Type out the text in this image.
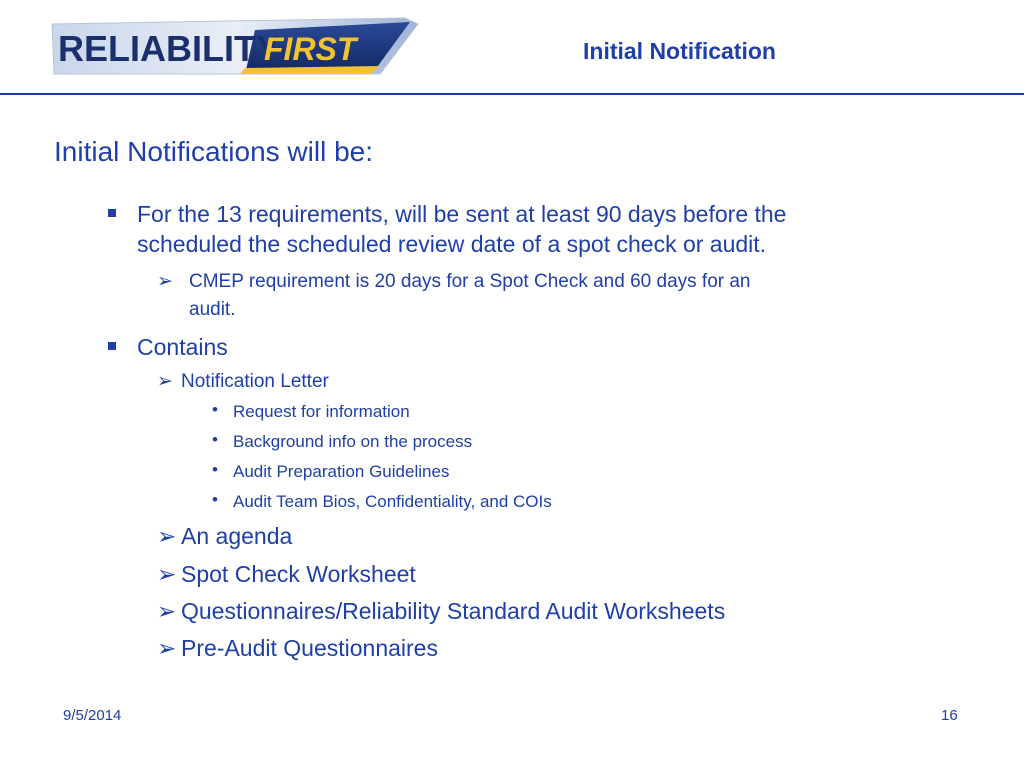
RELIABILITY
FIRST	Initial Notification
Initial Notifications will be:
For the 13 requirements, will be sent at least 90 days before the
scheduled the scheduled review date of a spot check or audit.
➢ CMEP requirement is 20 days for a Spot Check and 60 days for an
audit.
Contains
➢ Notification Letter
• Request for information
• Background info on the process
• Audit Preparation Guidelines
• Audit Team Bios, Confidentiality, and COIs
➢ An agenda
➢ Spot Check Worksheet
➢ Questionnaires/Reliability Standard Audit Worksheets
➢ Pre-Audit Questionnaires
9/5/2014	16
